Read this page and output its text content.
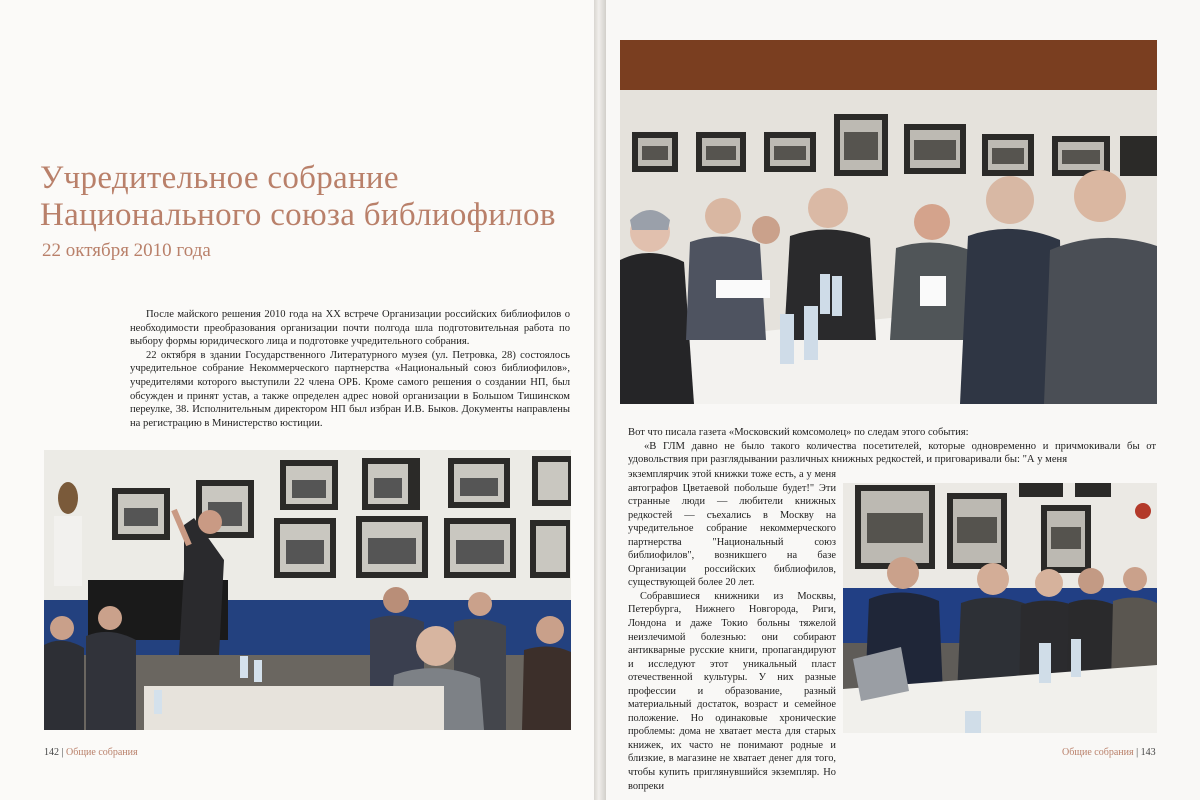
Учредительное собрание
Национального союза библиофилов
22 октября 2010 года

После майского решения 2010 года на XX встрече Организации российских библиофилов о необходимости преобразования организации почти полгода шла подготовительная работа по выбору формы юридического лица и подготовке учредительного собрания.

22 октября в здании Государственного Литературного музея (ул. Петровка, 28) состоялось учредительное собрание Некоммерческого партнерства «Национальный союз библиофилов», учредителями которого выступили 22 члена ОРБ. Кроме самого решения о создании НП, был обсужден и принят устав, а также определен адрес новой организации в Большом Тишинском переулке, 38. Исполнительным директором НП был избран И.В. Быков. Документы направлены на регистрацию в Министерство юстиции.

142 | Общие собрания	Общие собрания | 143

Вот что писала газета «Московский комсомолец» по следам этого события:

«В ГЛМ давно не было такого количества посетителей, которые одновременно и причмокивали бы от удовольствия при разглядывании различных книжных редкостей, и приговаривали бы: "А у меня

экземплярчик этой книжки тоже есть, а у меня автографов Цветаевой побольше будет!" Эти странные люди — любители книжных редкостей — съехались в Москву на учредительное собрание некоммерческого партнерства "Национальный союз библиофилов", возникшего на базе Организации российских библиофилов, существующей более 20 лет.

Собравшиеся книжники из Москвы, Петербурга, Нижнего Новгорода, Риги, Лондона и даже Токио больны тяжелой неизлечимой болезнью: они собирают антикварные русские книги, пропагандируют и исследуют этот уникальный пласт отечественной культуры. У них разные профессии и образование, разный материальный достаток, возраст и семейное положение. Но одинаковые хронические проблемы: дома не хватает места для старых книжек, их часто не понимают родные и близкие, в магазине не хватает денег для того, чтобы купить приглянувшийся экземпляр. Но вопреки
